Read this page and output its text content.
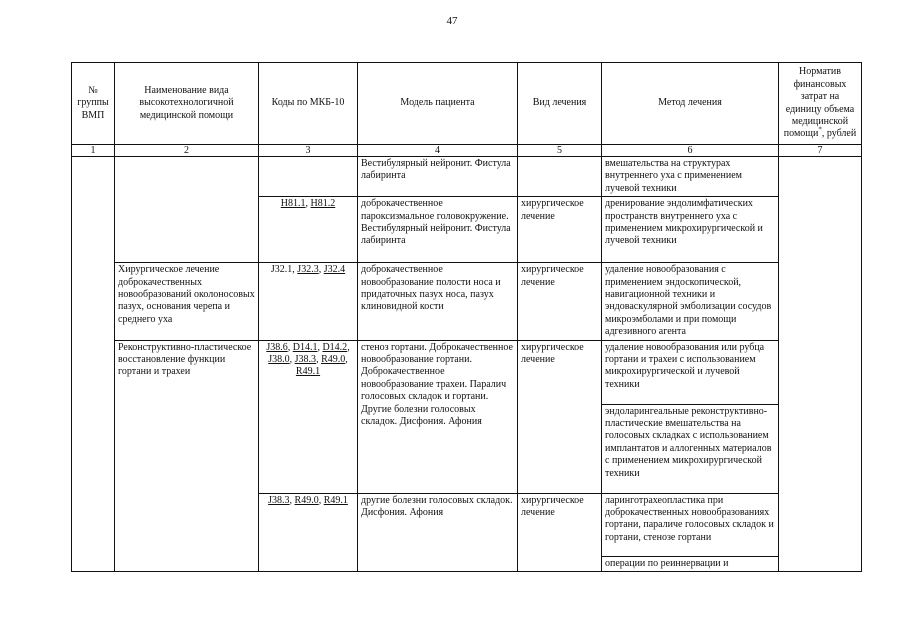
47
№ группы ВМП	Наименование вида высокотехнологичной медицинской помощи	Коды по МКБ-10	Модель пациента	Вид лечения	Метод лечения	Норматив финансовых затрат на единицу объема медицинской помощи*, рублей
1	2	3	4	5	6	7
			Вестибулярный нейронит. Фистула лабиринта		вмешательства на структурах внутреннего уха с применением лучевой техники	
		H81.1, H81.2	доброкачественное пароксизмальное головокружение. Вестибулярный нейронит. Фистула лабиринта	хирургическое лечение	дренирование эндолимфатических пространств внутреннего уха с применением микрохирургической и лучевой техники	
	Хирургическое лечение доброкачественных новообразований околоносовых пазух, основания черепа и среднего уха	J32.1, J32.3, J32.4	доброкачественное новообразование полости носа и придаточных пазух носа, пазух клиновидной кости	хирургическое лечение	удаление новообразования с применением эндоскопической, навигационной техники и эндоваскулярной эмболизации сосудов микроэмболами и при помощи адгезивного агента	
	Реконструктивно-пластическое восстановление функции гортани и трахеи	J38.6, D14.1, D14.2, J38.0, J38.3, R49.0, R49.1	стеноз гортани. Доброкачественное новообразование гортани. Доброкачественное новообразование трахеи. Паралич голосовых складок и гортани. Другие болезни голосовых складок. Дисфония. Афония	хирургическое лечение	удаление новообразования или рубца гортани и трахеи с использованием микрохирургической и лучевой техники	
					эндоларингеальные реконструктивно-пластические вмешательства на голосовых складках с использованием имплантатов и аллогенных материалов с применением микрохирургической техники	
		J38.3, R49.0, R49.1	другие болезни голосовых складок. Дисфония. Афония	хирургическое лечение	ларинготрахеопластика при доброкачественных новообразованиях гортани, параличе голосовых складок и гортани, стенозе гортани	
					операции по реиннервации и	
